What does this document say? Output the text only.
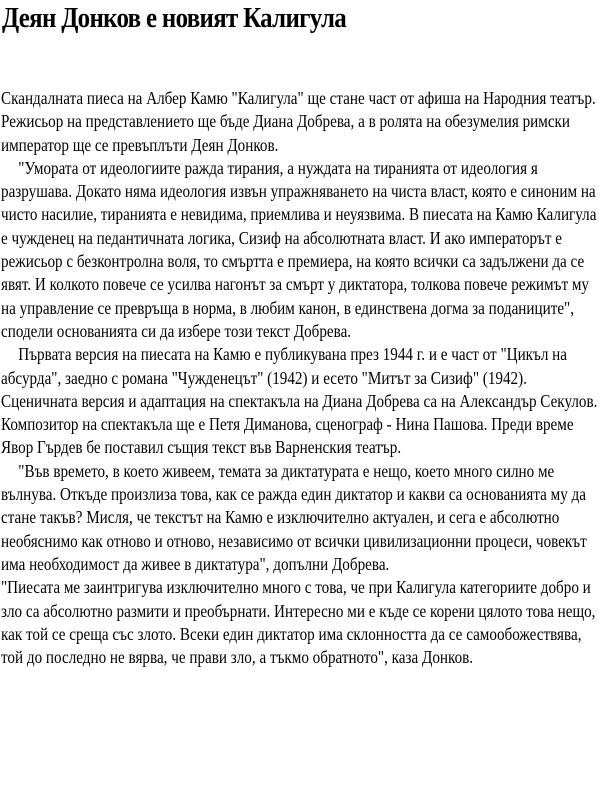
Деян Донков е новият Калигула

Скандалната пиеса на Албер Камю "Калигула" ще стане част от афиша на Народния театър. Режисьор на представлението ще бъде Диана Добрева, а в ролята на обезумелия римски император ще се превъплъти Деян Донков.

"Умората от идеологиите ражда тирания, а нуждата на тиранията от идеология я разрушава. Докато няма идеология извън упражняването на чиста власт, която е синоним на чисто насилие, тиранията е невидима, приемлива и неуязвима. В пиесата на Камю Калигула е чужденец на педантичната логика, Сизиф на абсолютната власт. И ако императорът е режисьор с безконтролна воля, то смъртта е премиера, на която всички са задължени да се явят. И колкото повече се усилва нагонът за смърт у диктатора, толкова повече режимът му на управление се превръща в норма, в любим канон, в единствена догма за поданиците", сподели основанията си да избере този текст Добрева.

Първата версия на пиесата на Камю е публикувана през 1944 г. и е част от "Цикъл на абсурда", заедно с романа "Чужденецът" (1942) и есето "Митът за Сизиф" (1942). Сценичната версия и адаптация на спектакъла на Диана Добрева са на Александър Секулов. Композитор на спектакъла ще е Петя Диманова, сценограф - Нина Пашова. Преди време Явор Гърдев бе поставил същия текст във Варненския театър.

"Във времето, в което живеем, темата за диктатурата е нещо, което много силно ме вълнува. Откъде произлиза това, как се ражда един диктатор и какви са основанията му да стане такъв? Мисля, че текстът на Камю е изключително актуален, и сега е абсолютно необяснимо как отново и отново, независимо от всички цивилизационни процеси, човекът има необходимост да живее в диктатура", допълни Добрева.

"Пиесата ме заинтригува изключително много с това, че при Калигула категориите добро и зло са абсолютно размити и преобърнати. Интересно ми е къде се корени цялото това нещо, как той се среща със злото. Всеки един диктатор има склонността да се самообожествява, той до последно не вярва, че прави зло, а тъкмо обратното", каза Донков.
